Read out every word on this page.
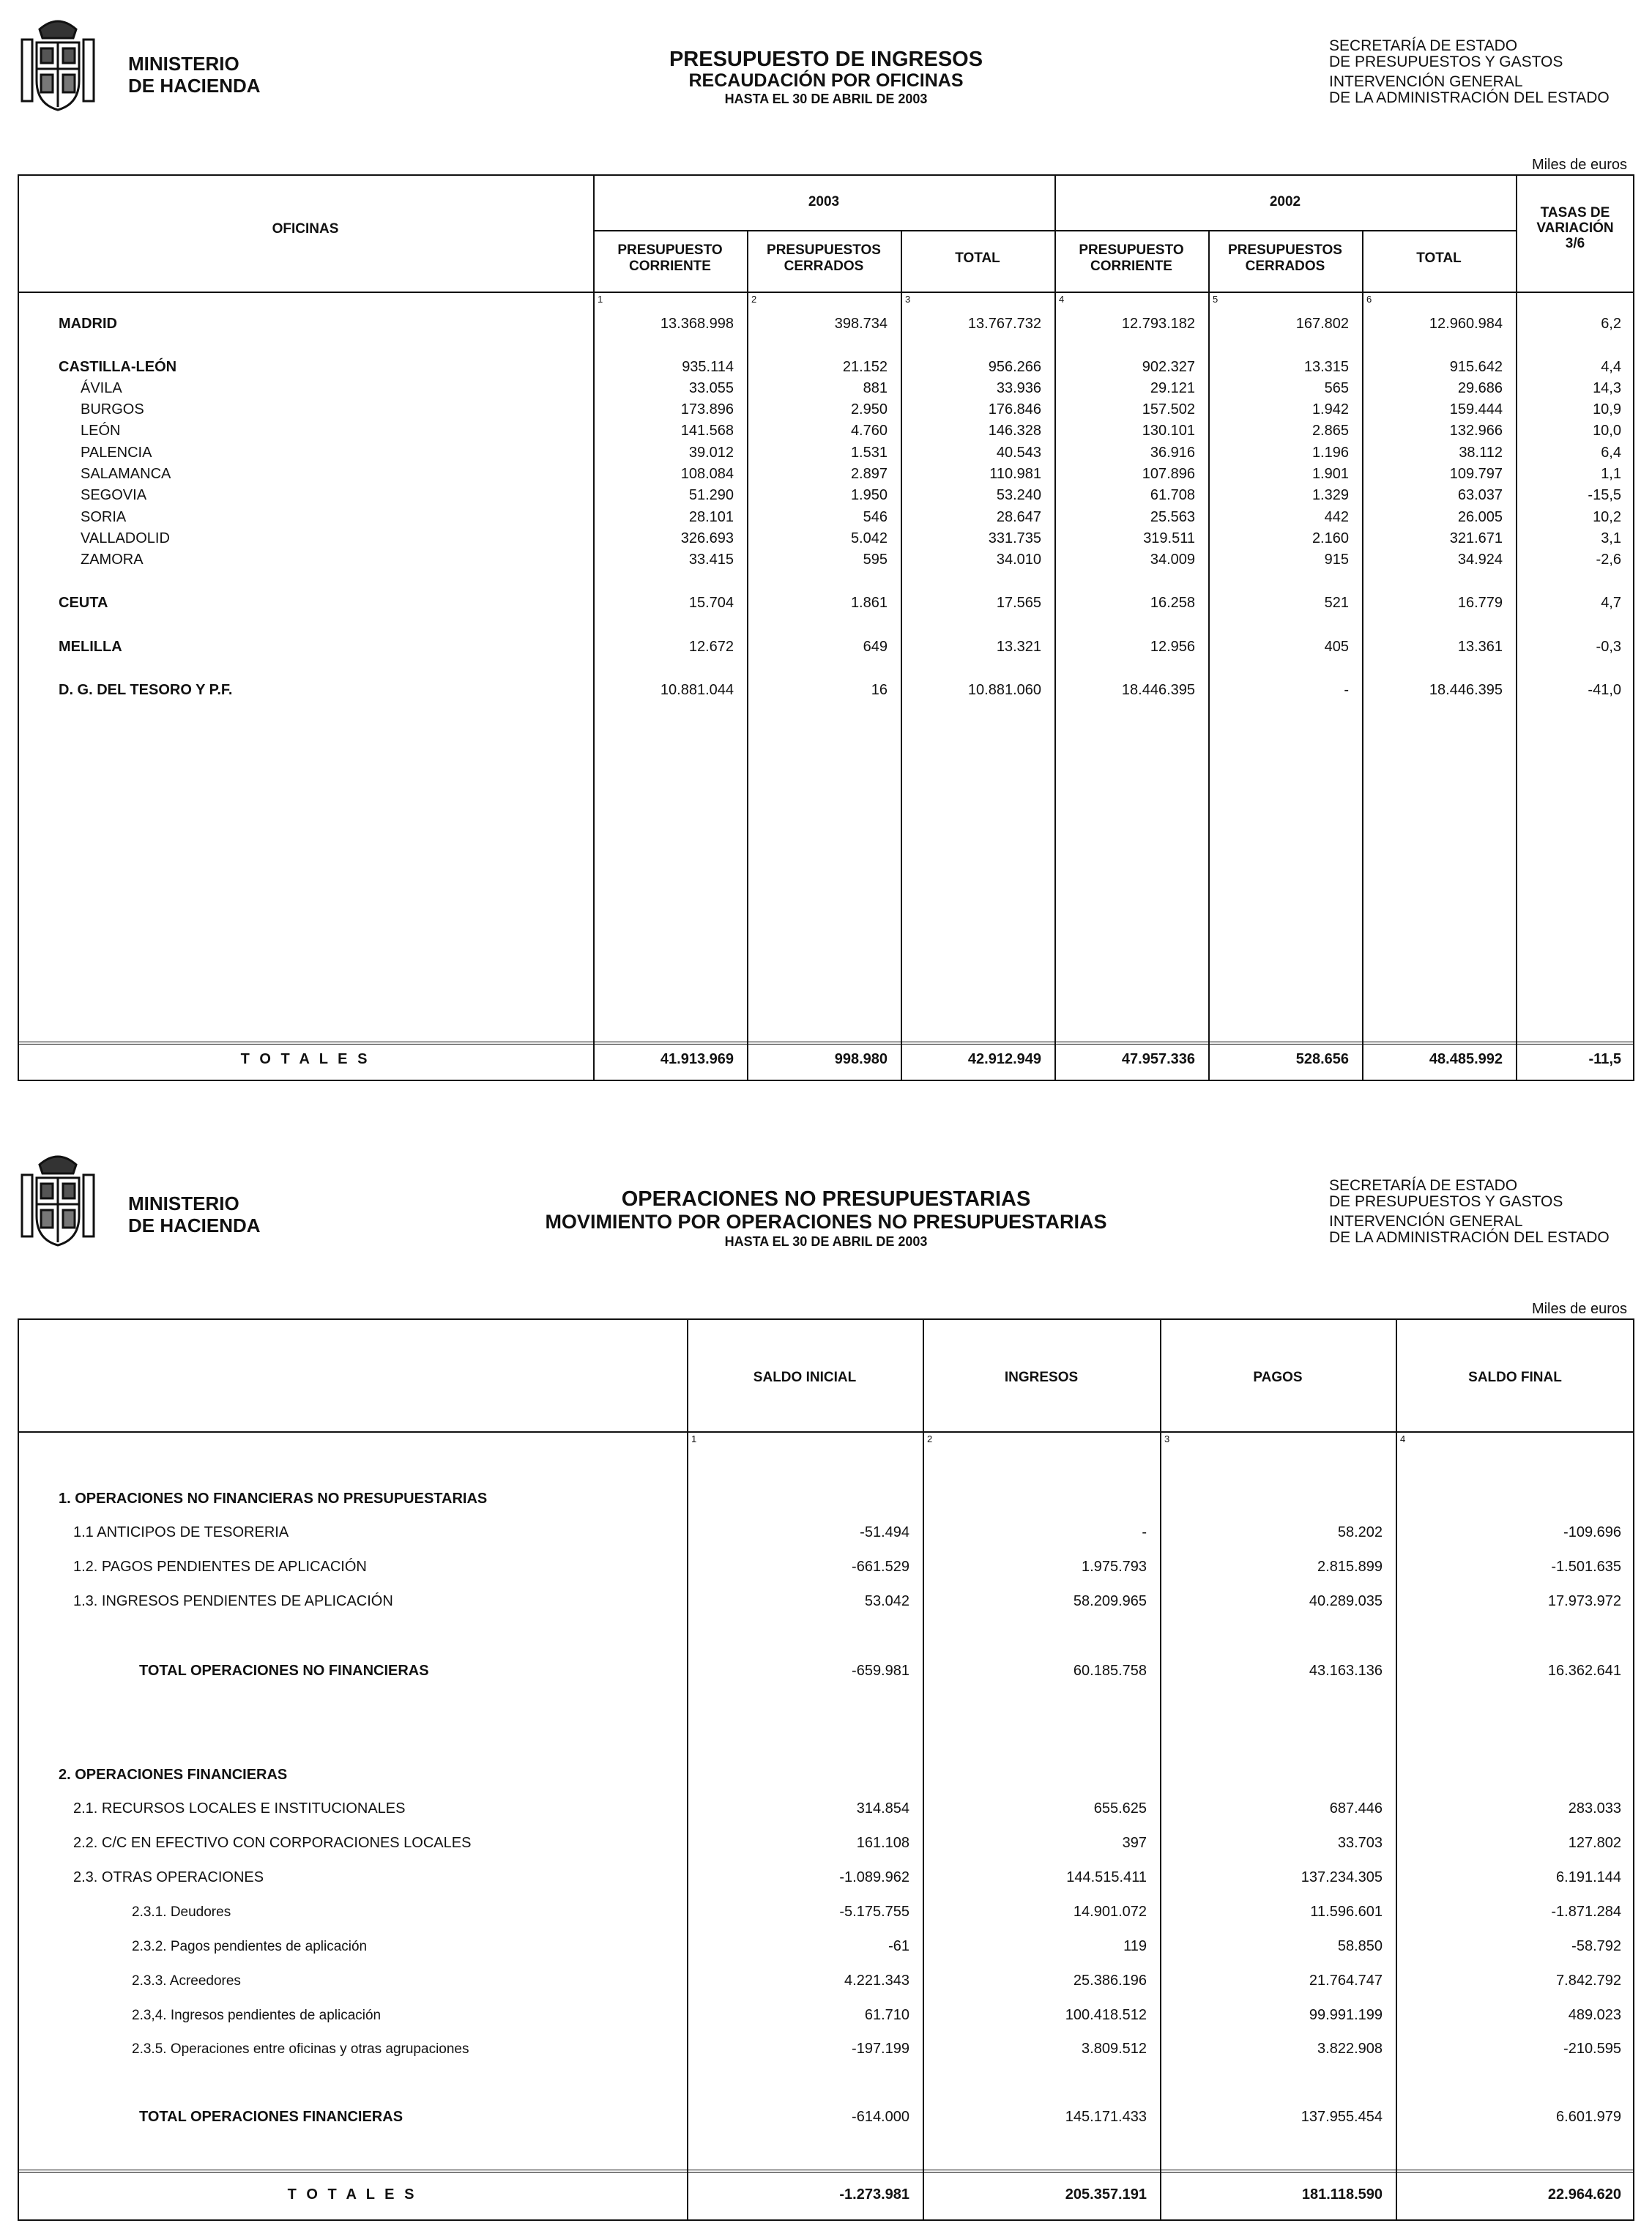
MINISTERIO
DE HACIENDA
PRESUPUESTO DE INGRESOS
RECAUDACIÓN POR OFICINAS
HASTA EL 30 DE ABRIL DE 2003
SECRETARÍA DE ESTADO
DE PRESUPUESTOS Y GASTOS
INTERVENCIÓN GENERAL
DE LA ADMINISTRACIÓN DEL ESTADO
Miles de euros
MINISTERIO
DE HACIENDA
OPERACIONES NO PRESUPUESTARIAS
MOVIMIENTO POR OPERACIONES NO PRESUPUESTARIAS
HASTA EL 30 DE ABRIL DE 2003
SECRETARÍA DE ESTADO
DE PRESUPUESTOS Y GASTOS
INTERVENCIÓN GENERAL
DE LA ADMINISTRACIÓN DEL ESTADO
Miles de euros
OFICINAS
2003	2002
TASAS DE
VARIACIÓN
3/6
PRESUPUESTO
CORRIENTE
PRESUPUESTOS
CERRADOS
TOTAL
PRESUPUESTO
CORRIENTE
PRESUPUESTOS
CERRADOS
TOTAL
1	2	3	4	5	6
MADRID	13.368.998	398.734	13.767.732	12.793.182	167.802	12.960.984	6,2
CASTILLA-LEÓN	935.114	21.152	956.266	902.327	13.315	915.642	4,4
ÁVILA	33.055	881	33.936	29.121	565	29.686	14,3
BURGOS	173.896	2.950	176.846	157.502	1.942	159.444	10,9
LEÓN	141.568	4.760	146.328	130.101	2.865	132.966	10,0
PALENCIA	39.012	1.531	40.543	36.916	1.196	38.112	6,4
SALAMANCA	108.084	2.897	110.981	107.896	1.901	109.797	1,1
SEGOVIA	51.290	1.950	53.240	61.708	1.329	63.037	-15,5
SORIA	28.101	546	28.647	25.563	442	26.005	10,2
VALLADOLID	326.693	5.042	331.735	319.511	2.160	321.671	3,1
ZAMORA	33.415	595	34.010	34.009	915	34.924	-2,6
CEUTA	15.704	1.861	17.565	16.258	521	16.779	4,7
MELILLA	12.672	649	13.321	12.956	405	13.361	-0,3
D. G. DEL TESORO Y P.F.	10.881.044	16	10.881.060	18.446.395	-	18.446.395	-41,0
T O T A L E S	41.913.969	998.980	42.912.949	47.957.336	528.656	48.485.992	-11,5
SALDO INICIAL	INGRESOS	PAGOS	SALDO FINAL
1	2	3	4
1. OPERACIONES NO FINANCIERAS NO PRESUPUESTARIAS
1.1 ANTICIPOS DE TESORERIA	-51.494	-	58.202	-109.696
1.2. PAGOS PENDIENTES DE APLICACIÓN	-661.529	1.975.793	2.815.899	-1.501.635
1.3. INGRESOS PENDIENTES DE APLICACIÓN	53.042	58.209.965	40.289.035	17.973.972
TOTAL OPERACIONES NO FINANCIERAS	-659.981	60.185.758	43.163.136	16.362.641
2. OPERACIONES FINANCIERAS
2.1. RECURSOS LOCALES E INSTITUCIONALES	314.854	655.625	687.446	283.033
2.2. C/C EN EFECTIVO CON CORPORACIONES LOCALES	161.108	397	33.703	127.802
2.3. OTRAS OPERACIONES	-1.089.962	144.515.411	137.234.305	6.191.144
2.3.1. Deudores	-5.175.755	14.901.072	11.596.601	-1.871.284
2.3.2. Pagos pendientes de aplicación	-61	119	58.850	-58.792
2.3.3. Acreedores	4.221.343	25.386.196	21.764.747	7.842.792
2.3,4. Ingresos pendientes de aplicación	61.710	100.418.512	99.991.199	489.023
2.3.5. Operaciones entre oficinas y otras agrupaciones	-197.199	3.809.512	3.822.908	-210.595
TOTAL OPERACIONES FINANCIERAS	-614.000	145.171.433	137.955.454	6.601.979
T O T A L E S	-1.273.981	205.357.191	181.118.590	22.964.620
